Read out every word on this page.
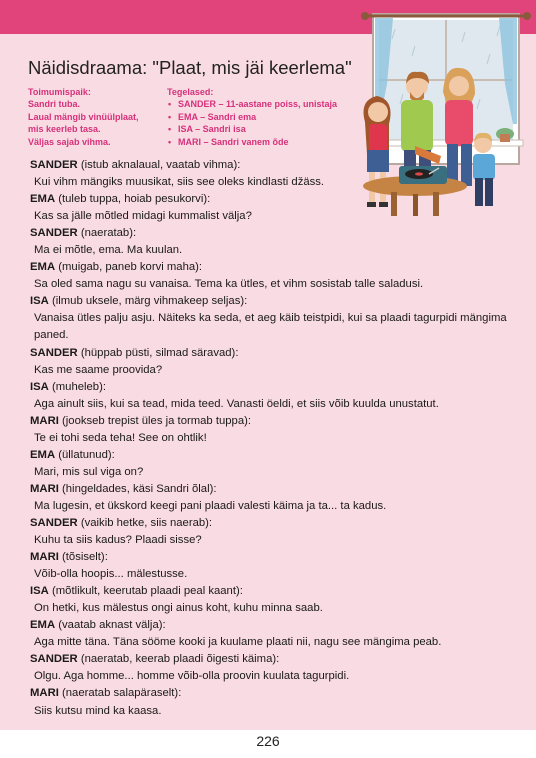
Näidisdraama: "Plaat, mis jäi keerlema"
Toimumispaik:
Sandri tuba.
Laual mängib vinüülplaat,
mis keerleb tasa.
Väljas sajab vihma.
Tegelased:
• SANDER – 11-aastane poiss, unistaja
• EMA – Sandri ema
• ISA – Sandri isa
• MARI – Sandri vanem õde
SANDER (istub aknalaual, vaatab vihma):
Kui vihm mängiks muusikat, siis see oleks kindlasti džäss.
EMA (tuleb tuppa, hoiab pesukorvi):
Kas sa jälle mõtled midagi kummalist välja?
SANDER (naeratab):
Ma ei mõtle, ema. Ma kuulan.
EMA (muigab, paneb korvi maha):
Sa oled sama nagu su vanaisa. Tema ka ütles, et vihm sosistab talle saladusi.
ISA (ilmub uksele, märg vihmakeep seljas):
Vanaisa ütles palju asju. Näiteks ka seda, et aeg käib teistpidi, kui sa plaadi tagurpidi mängima paned.
SANDER (hüppab püsti, silmad säravad):
Kas me saame proovida?
ISA (muheleb):
Aga ainult siis, kui sa tead, mida teed. Vanasti öeldi, et siis võib kuulda unustatut.
MARI (jookseb trepist üles ja tormab tuppa):
Te ei tohi seda teha! See on ohtlik!
EMA (üllatunud):
Mari, mis sul viga on?
MARI (hingeldades, käsi Sandri õlal):
Ma lugesin, et ükskord keegi pani plaadi valesti käima ja ta... ta kadus.
SANDER (vaikib hetke, siis naerab):
Kuhu ta siis kadus? Plaadi sisse?
MARI (tõsiselt):
Võib-olla hoopis... mälestusse.
ISA (mõtlikult, keerutab plaadi peal kaant):
On hetki, kus mälestus ongi ainus koht, kuhu minna saab.
EMA (vaatab aknast välja):
Aga mitte täna. Täna sööme kooki ja kuulame plaati nii, nagu see mängima peab.
SANDER (naeratab, keerab plaadi õigesti käima):
Olgu. Aga homme... homme võib-olla proovin kuulata tagurpidi.
MARI (naeratab salapäraselt):
Siis kutsu mind ka kaasa.
226
